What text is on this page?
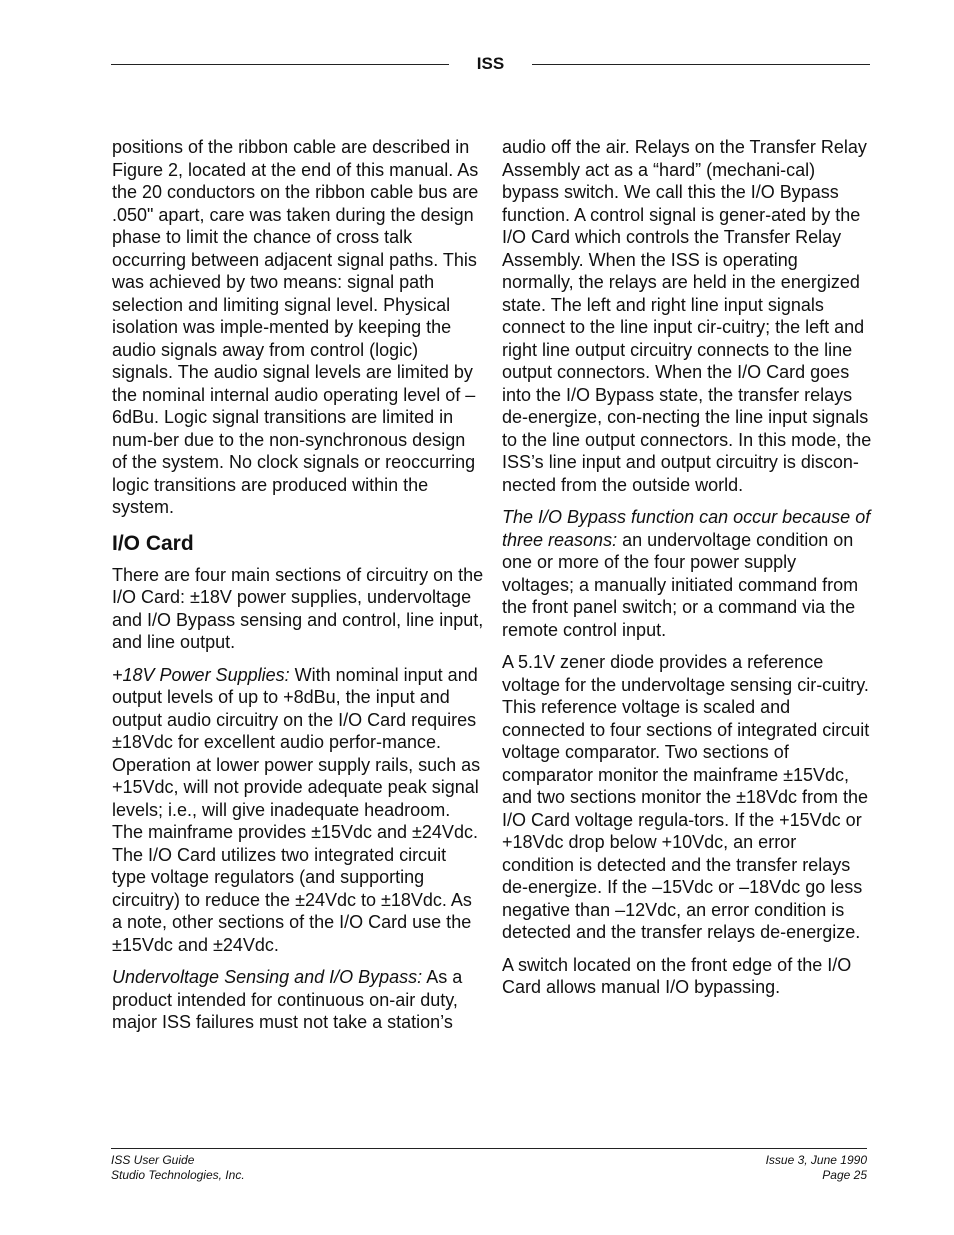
ISS

positions of the ribbon cable are described in Figure 2, located at the end of this manual. As the 20 conductors on the ribbon cable bus are .050" apart, care was taken during the design phase to limit the chance of cross talk occurring between adjacent signal paths. This was achieved by two means: signal path selection and limiting signal level. Physical isolation was imple-mented by keeping the audio signals away from control (logic) signals. The audio signal levels are limited by the nominal internal audio operating level of –6dBu. Logic signal transitions are limited in num-ber due to the non-synchronous design of the system. No clock signals or reoccurring logic transitions are produced within the system.

I/O Card

There are four main sections of circuitry on the I/O Card: ±18V power supplies, undervoltage and I/O Bypass sensing and control, line input, and line output.

+18V Power Supplies: With nominal input and output levels of up to +8dBu, the input and output audio circuitry on the I/O Card requires ±18Vdc for excellent audio perfor-mance. Operation at lower power supply rails, such as +15Vdc, will not provide adequate peak signal levels; i.e., will give inadequate headroom. The mainframe provides ±15Vdc and ±24Vdc. The I/O Card utilizes two integrated circuit type voltage regulators (and supporting circuitry) to reduce the ±24Vdc to ±18Vdc. As a note, other sections of the I/O Card use the ±15Vdc and ±24Vdc.

Undervoltage Sensing and I/O Bypass: As a product intended for continuous on-air duty, major ISS failures must not take a station’s

audio off the air. Relays on the Transfer Relay Assembly act as a “hard” (mechani-cal) bypass switch. We call this the I/O Bypass function. A control signal is gener-ated by the I/O Card which controls the Transfer Relay Assembly. When the ISS is operating normally, the relays are held in the energized state. The left and right line input signals connect to the line input cir-cuitry; the left and right line output circuitry connects to the line output connectors. When the I/O Card goes into the I/O Bypass state, the transfer relays de-energize, con-necting the line input signals to the line output connectors. In this mode, the ISS’s line input and output circuitry is discon-nected from the outside world.

The I/O Bypass function can occur because of three reasons: an undervoltage condition on one or more of the four power supply voltages; a manually initiated command from the front panel switch; or a command via the remote control input.

A 5.1V zener diode provides a reference voltage for the undervoltage sensing cir-cuitry. This reference voltage is scaled and connected to four sections of integrated circuit voltage comparator. Two sections of comparator monitor the mainframe ±15Vdc, and two sections monitor the ±18Vdc from the I/O Card voltage regula-tors. If the +15Vdc or +18Vdc drop below +10Vdc, an error condition is detected and the transfer relays de-energize. If the –15Vdc or –18Vdc go less negative than –12Vdc, an error condition is detected and the transfer relays de-energize.

A switch located on the front edge of the I/O Card allows manual I/O bypassing.

ISS User Guide
Studio Technologies, Inc.
Issue 3, June 1990
Page 25
